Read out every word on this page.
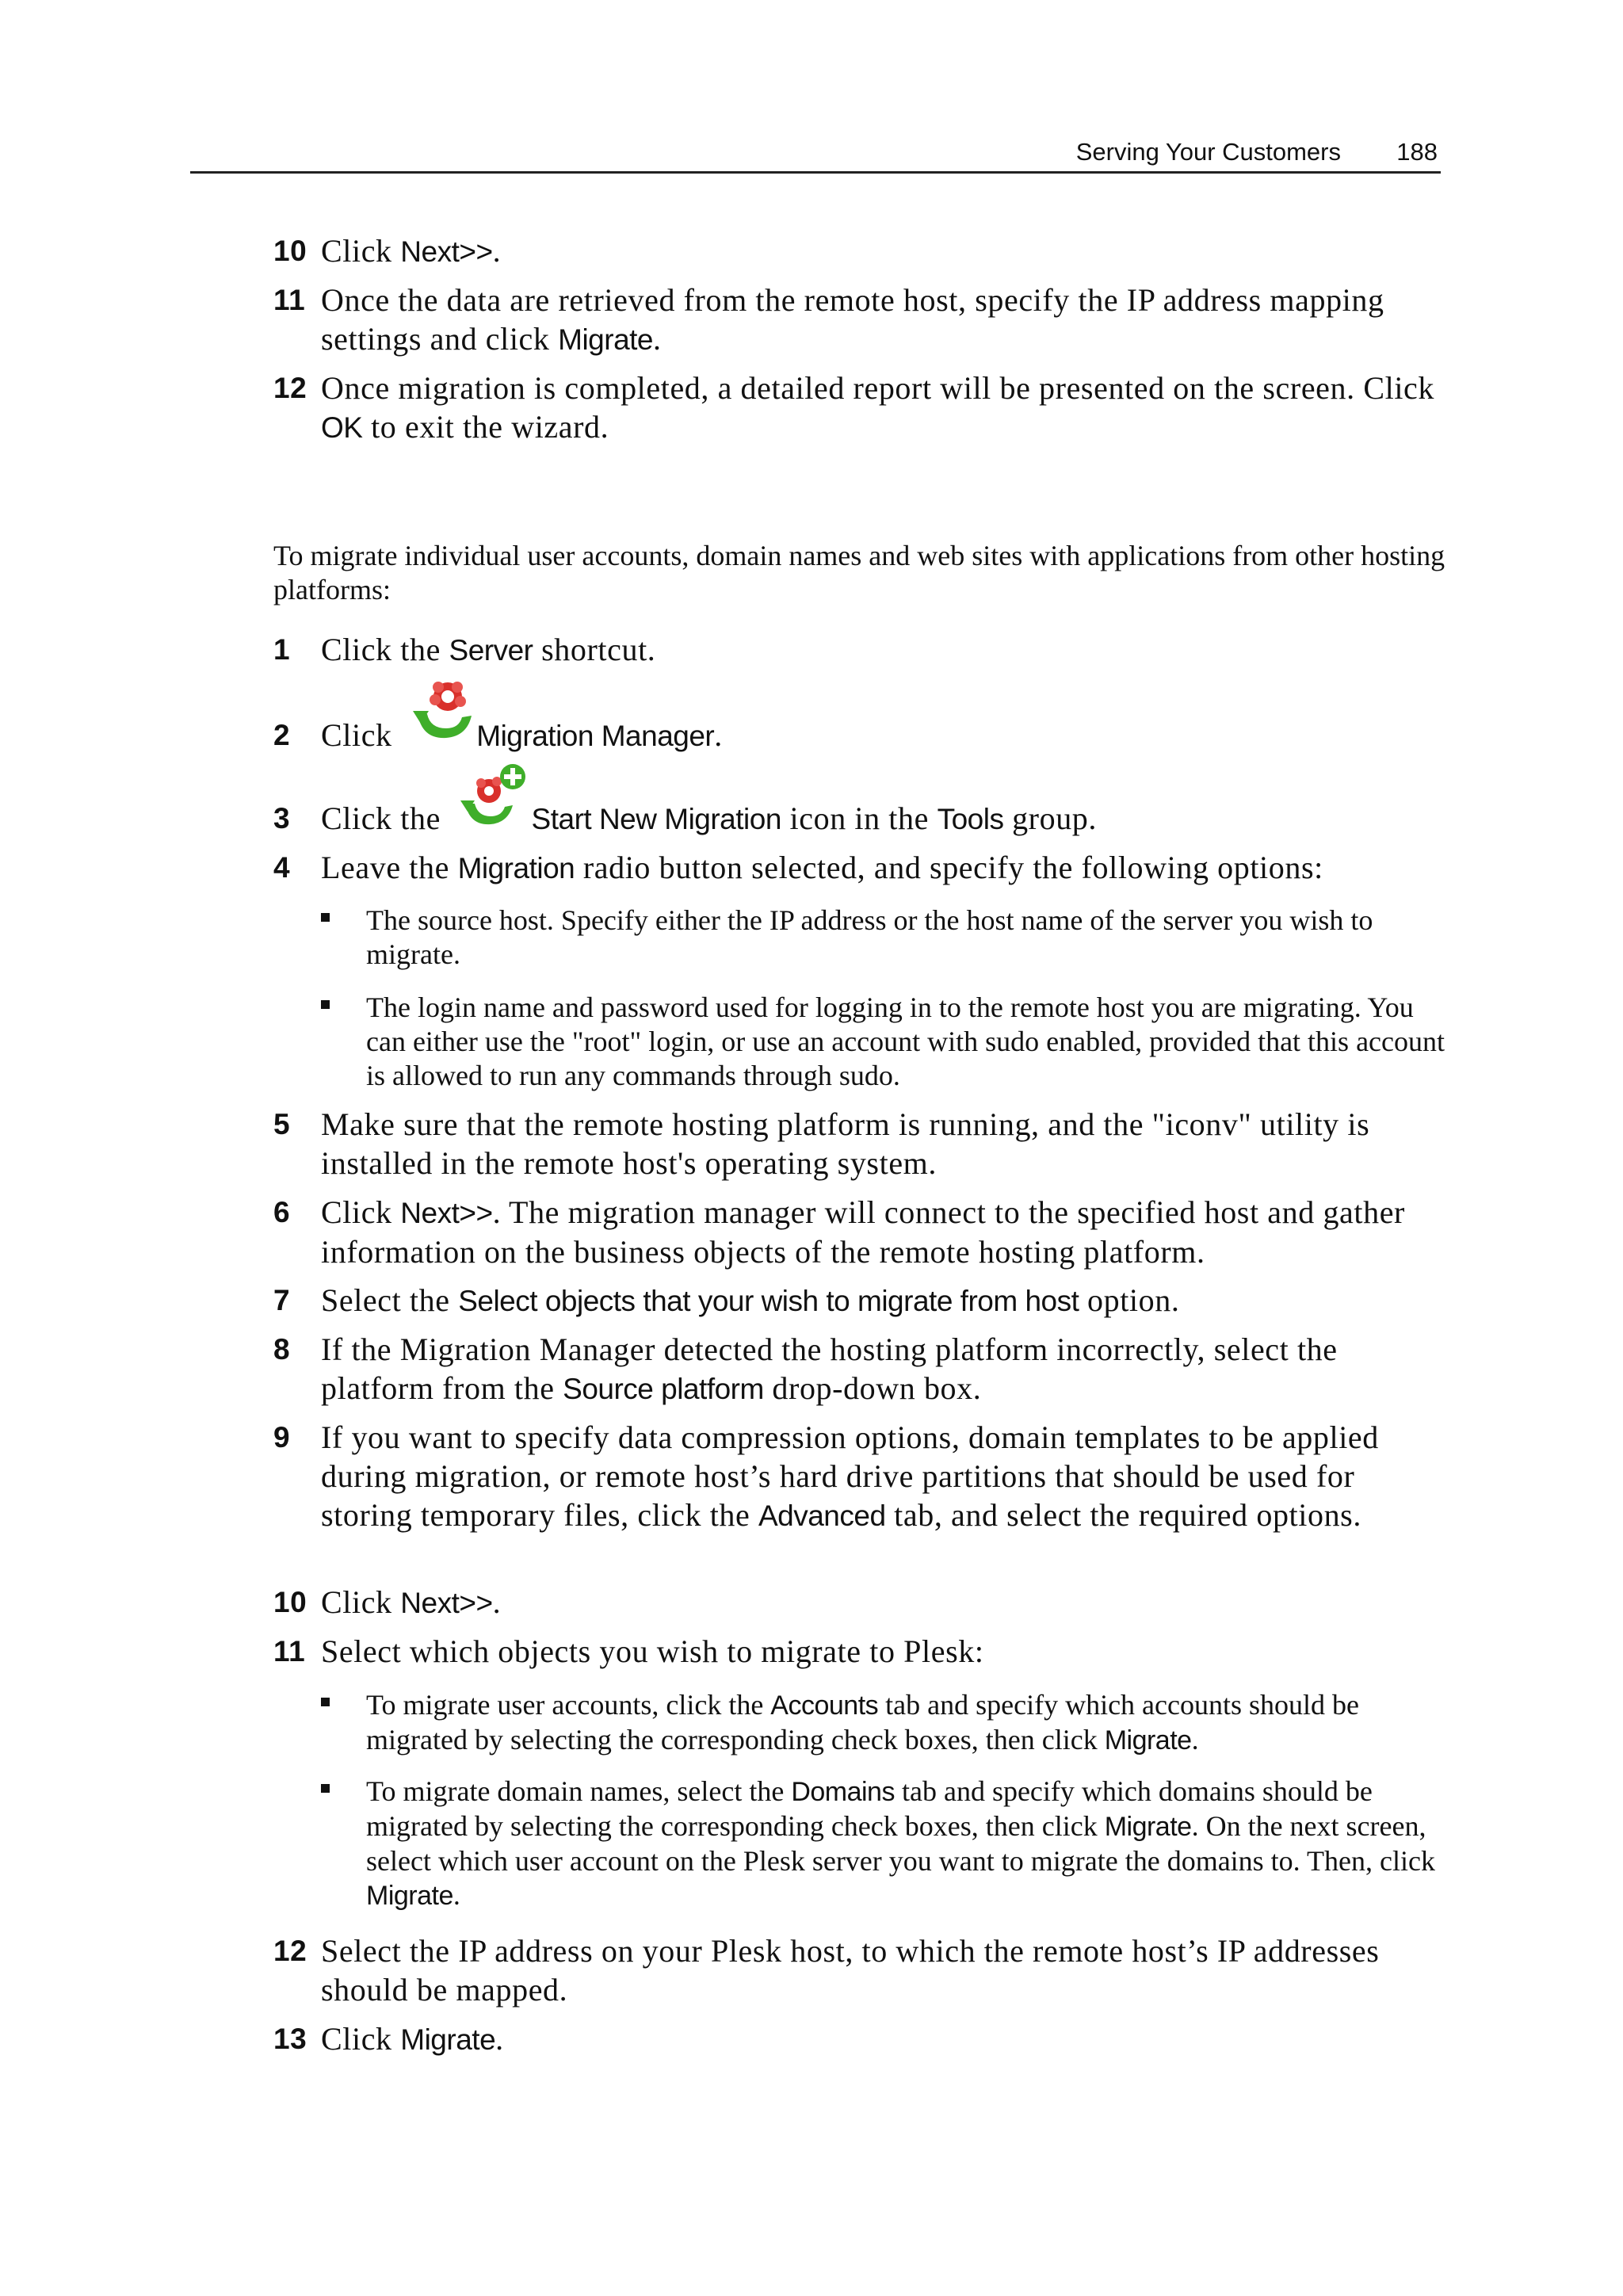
Serving Your Customers 188
10 Click Next>>.
11 Once the data are retrieved from the remote host, specify the IP address mapping settings and click Migrate.
12 Once migration is completed, a detailed report will be presented on the screen. Click OK to exit the wizard.
To migrate individual user accounts, domain names and web sites with applications from other hosting platforms:
1 Click the Server shortcut.
2 Click	Migration Manager.
3 Click the	Start New Migration icon in the Tools group.
4 Leave the Migration radio button selected, and specify the following options:
The source host. Specify either the IP address or the host name of the server you wish to migrate.
The login name and password used for logging in to the remote host you are migrating. You can either use the "root" login, or use an account with sudo enabled, provided that this account is allowed to run any commands through sudo.
5 Make sure that the remote hosting platform is running, and the "iconv" utility is installed in the remote host's operating system.
6 Click Next>>. The migration manager will connect to the specified host and gather information on the business objects of the remote hosting platform.
7 Select the Select objects that your wish to migrate from host option.
8 If the Migration Manager detected the hosting platform incorrectly, select the platform from the Source platform drop-down box.
9 If you want to specify data compression options, domain templates to be applied during migration, or remote host’s hard drive partitions that should be used for storing temporary files, click the Advanced tab, and select the required options.
10 Click Next>>.
11 Select which objects you wish to migrate to Plesk:
To migrate user accounts, click the Accounts tab and specify which accounts should be migrated by selecting the corresponding check boxes, then click Migrate.
To migrate domain names, select the Domains tab and specify which domains should be migrated by selecting the corresponding check boxes, then click Migrate. On the next screen, select which user account on the Plesk server you want to migrate the domains to. Then, click Migrate.
12 Select the IP address on your Plesk host, to which the remote host’s IP addresses should be mapped.
13 Click Migrate.
